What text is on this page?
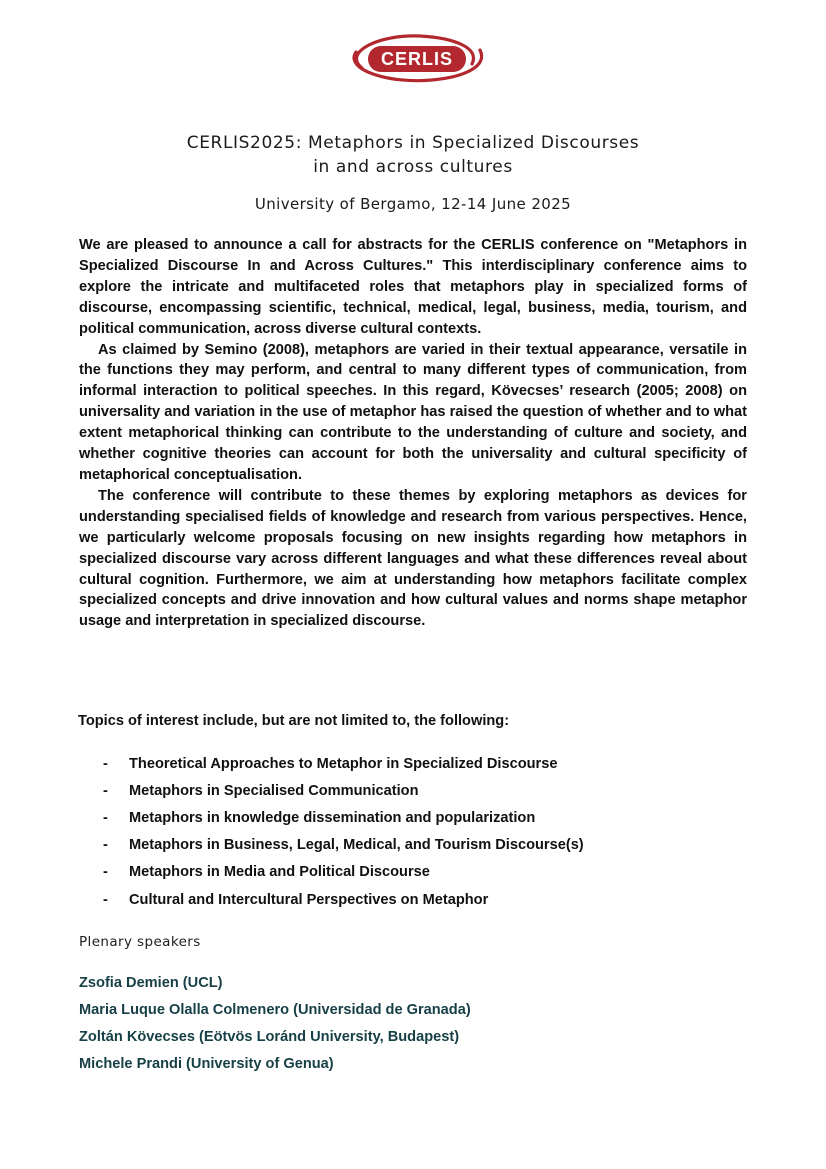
CERLIS
CERLIS2025: Metaphors in Specialized Discourses
in and across cultures
University of Bergamo, 12-14 June 2025

We are pleased to announce a call for abstracts for the CERLIS conference on "Metaphors in Specialized Discourse In and Across Cultures." This interdisciplinary conference aims to explore the intricate and multifaceted roles that metaphors play in specialized forms of discourse, encompassing scientific, technical, medical, legal, business, media, tourism, and political communication, across diverse cultural contexts.

As claimed by Semino (2008), metaphors are varied in their textual appearance, versatile in the functions they may perform, and central to many different types of communication, from informal interaction to political speeches. In this regard, Kövecses’ research (2005; 2008) on universality and variation in the use of metaphor has raised the question of whether and to what extent metaphorical thinking can contribute to the understanding of culture and society, and whether cognitive theories can account for both the universality and cultural specificity of metaphorical conceptualisation.

The conference will contribute to these themes by exploring metaphors as devices for understanding specialised fields of knowledge and research from various perspectives. Hence, we particularly welcome proposals focusing on new insights regarding how metaphors in specialized discourse vary across different languages and what these differences reveal about cultural cognition. Furthermore, we aim at understanding how metaphors facilitate complex specialized concepts and drive innovation and how cultural values and norms shape metaphor usage and interpretation in specialized discourse.

Topics of interest include, but are not limited to, the following:
-	Theoretical Approaches to Metaphor in Specialized Discourse
-	Metaphors in Specialised Communication
-	Metaphors in knowledge dissemination and popularization
-	Metaphors in Business, Legal, Medical, and Tourism Discourse(s)
-	Metaphors in Media and Political Discourse
-	Cultural and Intercultural Perspectives on Metaphor
Plenary speakers
Zsofia Demien (UCL)
Maria Luque Olalla Colmenero (Universidad de Granada)
Zoltán Kövecses (Eötvös Loránd University, Budapest)
Michele Prandi (University of Genua)
